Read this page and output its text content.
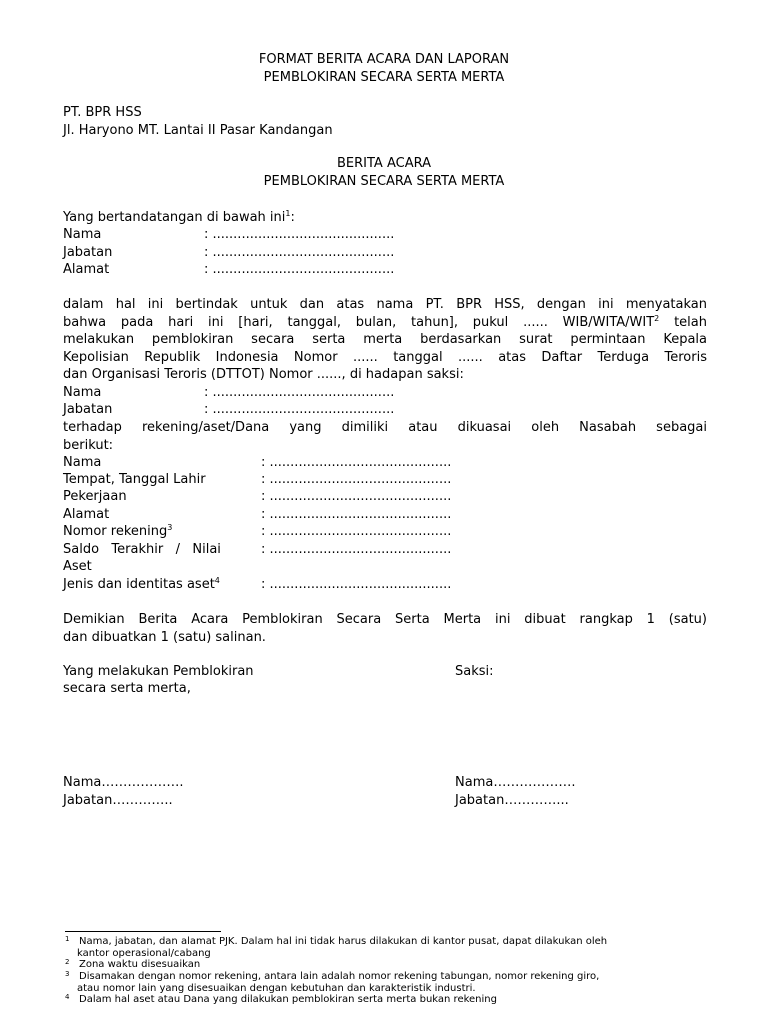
FORMAT BERITA ACARA DAN LAPORAN
PEMBLOKIRAN SECARA SERTA MERTA
PT. BPR HSS
Jl. Haryono MT. Lantai II Pasar Kandangan
BERITA ACARA
PEMBLOKIRAN SECARA SERTA MERTA
Yang bertandatangan di bawah ini$^1$:
Nama	: ............................................
Jabatan	: ............................................
Alamat	: ............................................
dalam hal ini bertindak untuk dan atas nama PT. BPR HSS, dengan ini menyatakan
bahwa pada hari ini [hari, tanggal, bulan, tahun], pukul ...... WIB/WITA/WIT$^2$ telah
melakukan pemblokiran secara serta merta berdasarkan surat permintaan Kepala
Kepolisian Republik Indonesia Nomor ...... tanggal ...... atas Daftar Terduga Teroris
dan Organisasi Teroris (DTTOT) Nomor ......, di hadapan saksi:
Nama	: ............................................
Jabatan	: ............................................
terhadap rekening/aset/Dana yang dimiliki atau dikuasai oleh Nasabah sebagai
berikut:
Nama	: ............................................
Tempat, Tanggal Lahir	: ............................................
Pekerjaan	: ............................................
Alamat	: ............................................
Nomor rekening$^3$	: ............................................
Saldo   Terakhir   /   Nilai	: ............................................
Aset
Jenis dan identitas aset$^4$	: ............................................
Demikian Berita Acara Pemblokiran Secara Serta Merta ini dibuat rangkap 1 (satu)
dan dibuatkan 1 (satu) salinan.
Yang melakukan Pemblokiran
secara serta merta,
Saksi:
Nama……………….
Jabatan…………..
Nama……………….
Jabatan…………...
1 Nama, jabatan, dan alamat PJK. Dalam hal ini tidak harus dilakukan di kantor pusat, dapat dilakukan oleh
kantor operasional/cabang
2 Zona waktu disesuaikan
3 Disamakan dengan nomor rekening, antara lain adalah nomor rekening tabungan, nomor rekening giro,
atau nomor lain yang disesuaikan dengan kebutuhan dan karakteristik industri.
4 Dalam hal aset atau Dana yang dilakukan pemblokiran serta merta bukan rekening
